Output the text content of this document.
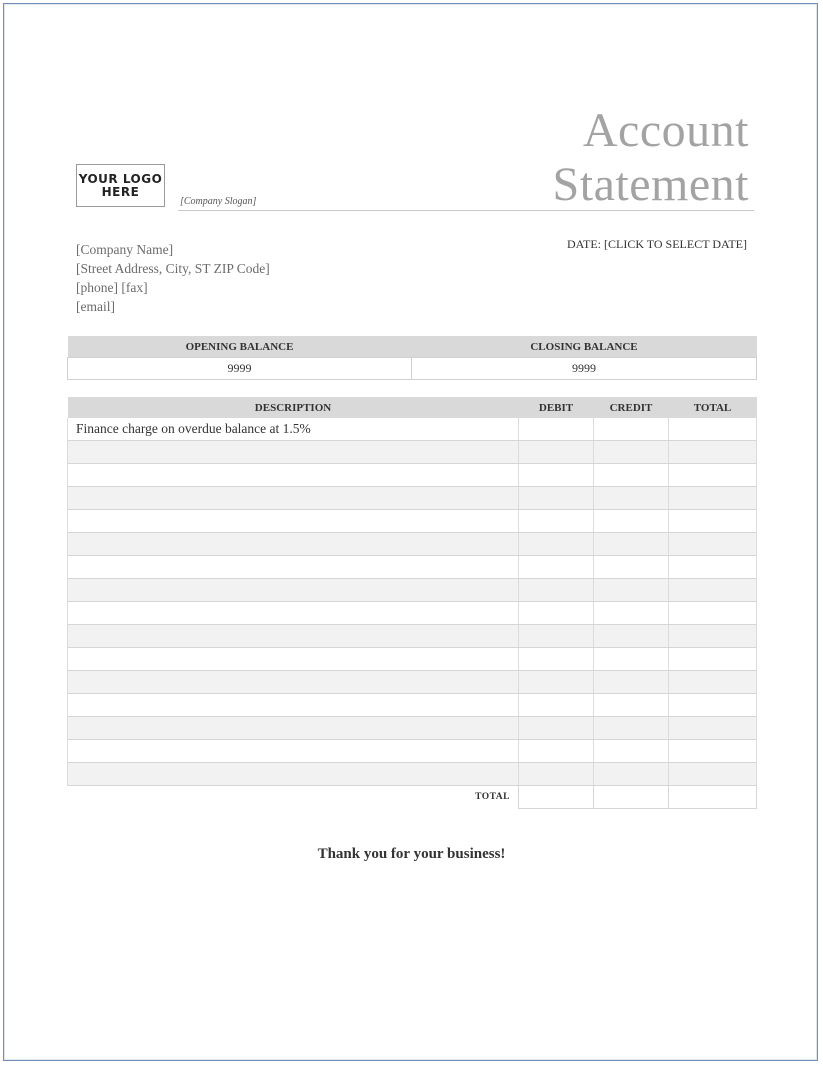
Account
Statement
YOUR LOGO
HERE
[Company Slogan]
[Company Name]
[Street Address, City, ST ZIP Code]
[phone] [fax]
[email]
DATE: [CLICK TO SELECT DATE]
OPENING BALANCE	CLOSING BALANCE
9999	9999
DESCRIPTION	DEBIT	CREDIT	TOTAL
Finance charge on overdue balance at 1.5%			

TOTAL			
Thank you for your business!
